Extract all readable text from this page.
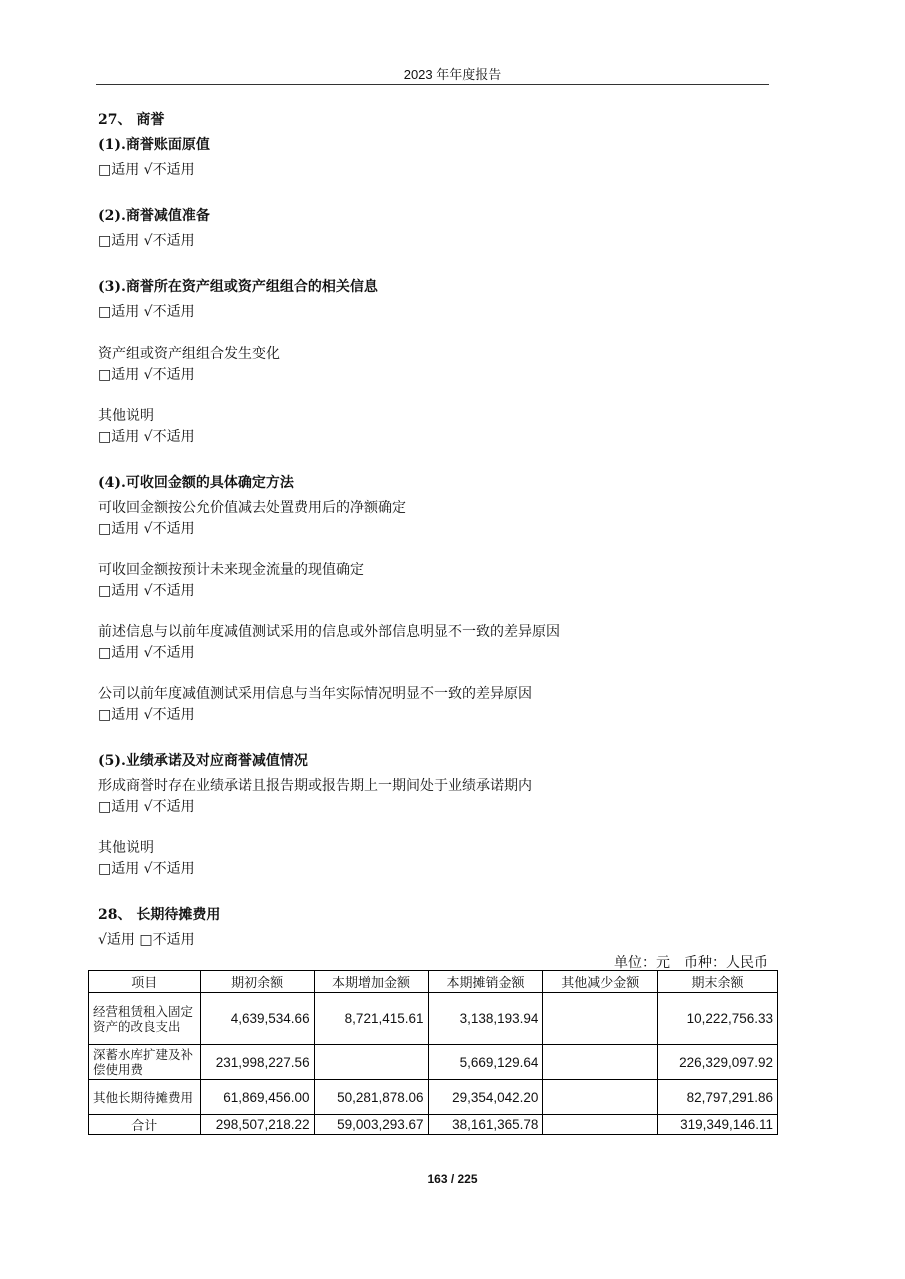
2023 年年度报告
27、 商誉
(1).商誉账面原值
□适用 √不适用
(2).商誉减值准备
□适用 √不适用
(3).商誉所在资产组或资产组组合的相关信息
□适用 √不适用
资产组或资产组组合发生变化
□适用 √不适用
其他说明
□适用 √不适用
(4).可收回金额的具体确定方法
可收回金额按公允价值减去处置费用后的净额确定
□适用 √不适用
可收回金额按预计未来现金流量的现值确定
□适用 √不适用
前述信息与以前年度减值测试采用的信息或外部信息明显不一致的差异原因
□适用 √不适用
公司以前年度减值测试采用信息与当年实际情况明显不一致的差异原因
□适用 √不适用
(5).业绩承诺及对应商誉减值情况
形成商誉时存在业绩承诺且报告期或报告期上一期间处于业绩承诺期内
□适用 √不适用
其他说明
□适用 √不适用
28、 长期待摊费用
√适用 □不适用
单位：元　币种：人民币
项目	期初余额	本期增加金额	本期摊销金额	其他减少金额	期末余额
经营租赁租入固定资产的改良支出	4,639,534.66	8,721,415.61	3,138,193.94		10,222,756.33
深蓄水库扩建及补偿使用费	231,998,227.56		5,669,129.64		226,329,097.92
其他长期待摊费用	61,869,456.00	50,281,878.06	29,354,042.20		82,797,291.86
合计	298,507,218.22	59,003,293.67	38,161,365.78		319,349,146.11
163 / 225
